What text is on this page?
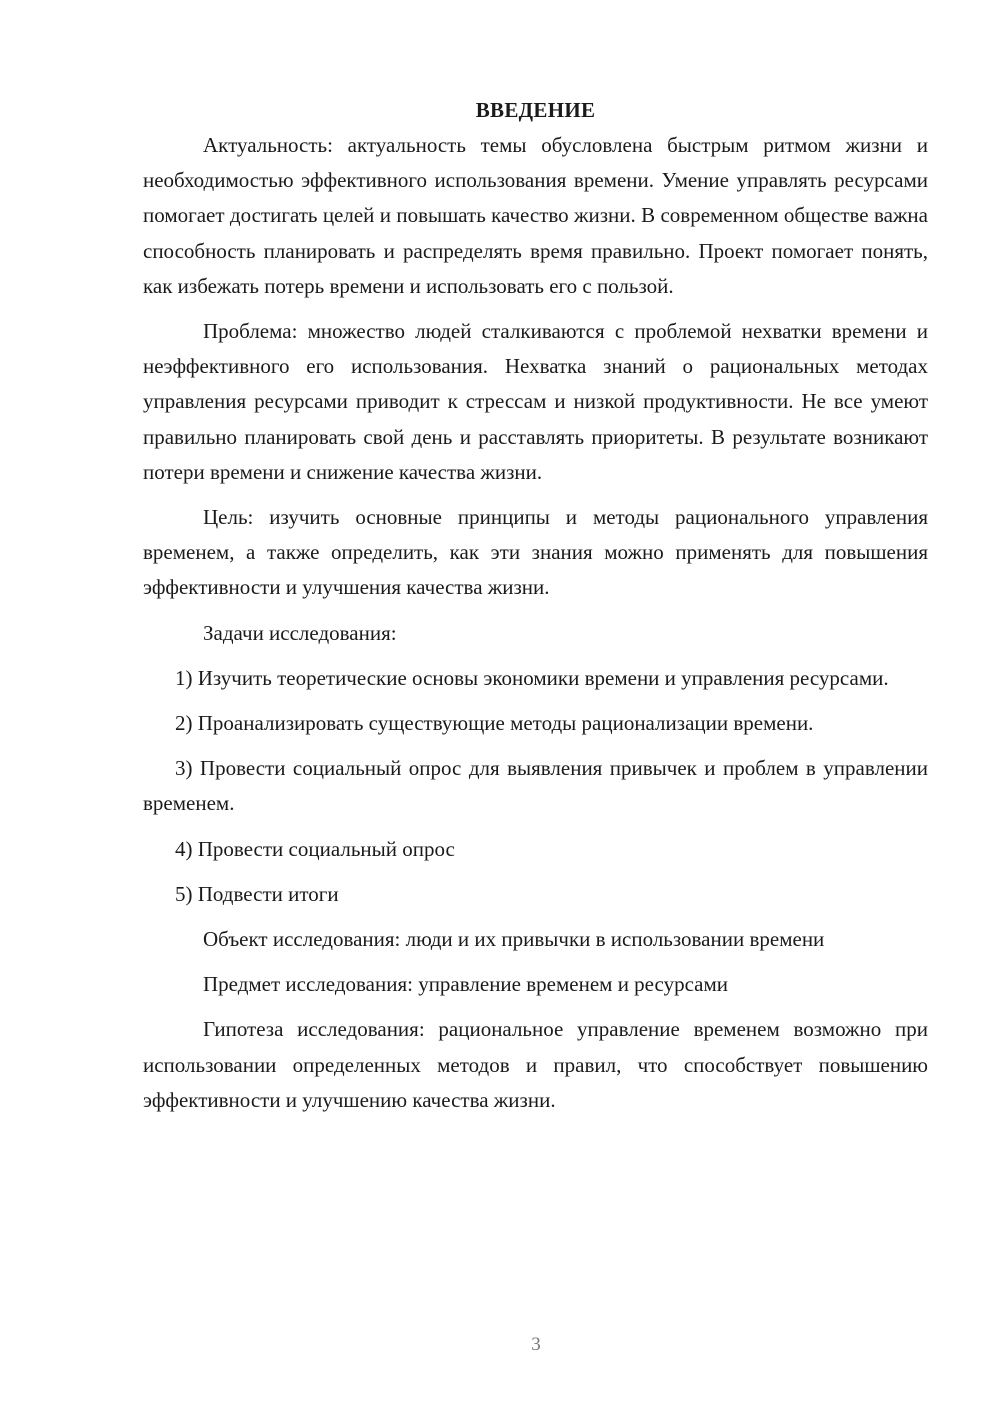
ВВЕДЕНИЕ

Актуальность: актуальность темы обусловлена быстрым ритмом жизни и необходимостью эффективного использования времени. Умение управлять ресурсами помогает достигать целей и повышать качество жизни. В современном обществе важна способность планировать и распределять время правильно. Проект помогает понять, как избежать потерь времени и использовать его с пользой.

Проблема: множество людей сталкиваются с проблемой нехватки времени и неэффективного его использования. Нехватка знаний о рациональных методах управления ресурсами приводит к стрессам и низкой продуктивности. Не все умеют правильно планировать свой день и расставлять приоритеты. В результате возникают потери времени и снижение качества жизни.

Цель: изучить основные принципы и методы рационального управления временем, а также определить, как эти знания можно применять для повышения эффективности и улучшения качества жизни.

Задачи исследования:

1) Изучить теоретические основы экономики времени и управления ресурсами.

2) Проанализировать существующие методы рационализации времени.

3) Провести социальный опрос для выявления привычек и проблем в управлении временем.

4) Провести социальный опрос

5) Подвести итоги

Объект исследования: люди и их привычки в использовании времени

Предмет исследования: управление временем и ресурсами

Гипотеза исследования: рациональное управление временем возможно при использовании определенных методов и правил, что способствует повышению эффективности и улучшению качества жизни.

3
